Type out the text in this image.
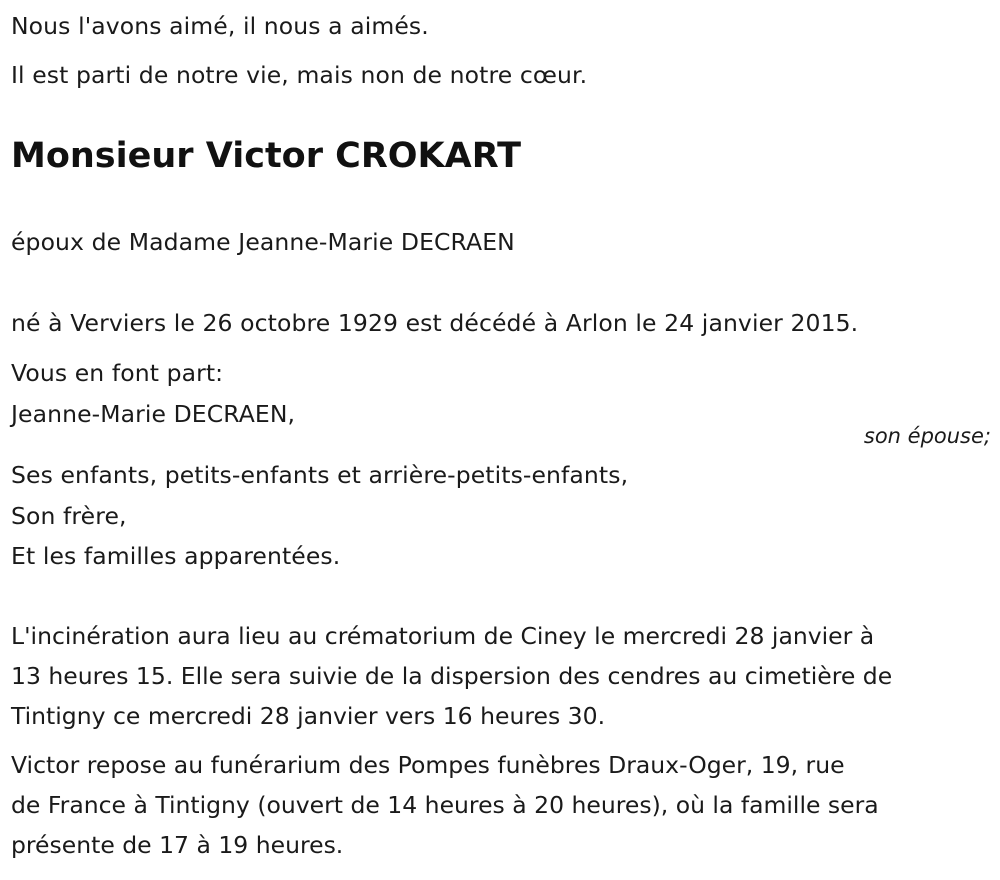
Nous l'avons aimé, il nous a aimés.
Il est parti de notre vie, mais non de notre cœur.
Monsieur Victor CROKART
époux de Madame Jeanne-Marie DECRAEN
né à Verviers le 26 octobre 1929 est décédé à Arlon le 24 janvier 2015.
Vous en font part:
Jeanne-Marie DECRAEN,
son épouse;
Ses enfants, petits-enfants et arrière-petits-enfants,
Son frère,
Et les familles apparentées.
L'incinération aura lieu au crématorium de Ciney le mercredi 28 janvier à
13 heures 15. Elle sera suivie de la dispersion des cendres au cimetière de
Tintigny ce mercredi 28 janvier vers 16 heures 30.
Victor repose au funérarium des Pompes funèbres Draux-Oger, 19, rue
de France à Tintigny (ouvert de 14 heures à 20 heures), où la famille sera
présente de 17 à 19 heures.
